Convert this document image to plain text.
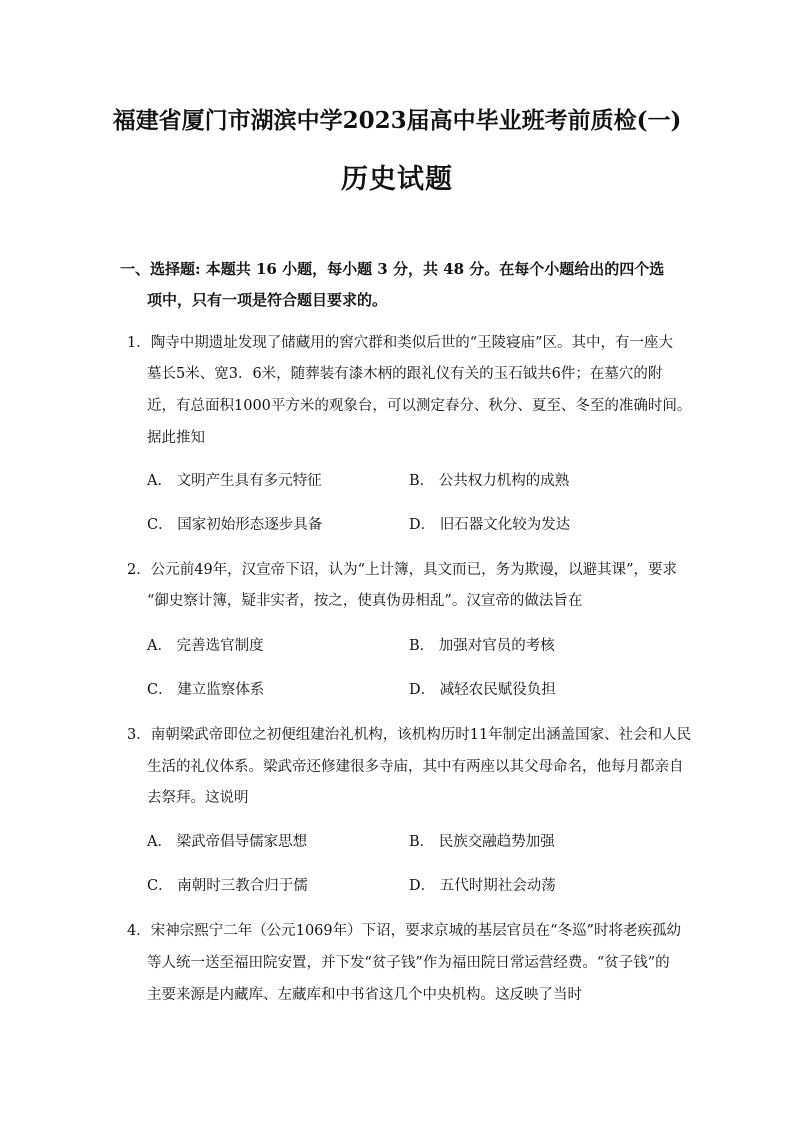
福建省厦门市湖滨中学2023届高中毕业班考前质检(一)
历史试题
一、选择题: 本题共 16 小题，每小题 3 分，共 48 分。在每个小题给出的四个选
项中，只有一项是符合题目要求的。
1．陶寺中期遗址发现了储藏用的窖穴群和类似后世的“王陵寝庙”区。其中，有一座大
墓长5米、宽3．6米，随葬装有漆木柄的跟礼仪有关的玉石钺共6件；在墓穴的附
近，有总面积1000平方米的观象台，可以测定春分、秋分、夏至、冬至的准确时间。
据此推知
A． 文明产生具有多元特征	B． 公共权力机构的成熟
C． 国家初始形态逐步具备	D． 旧石器文化较为发达
2．公元前49年，汉宣帝下诏，认为“上计簿，具文而已，务为欺谩，以避其课”，要求
“御史察计簿，疑非实者，按之，使真伪毋相乱”。汉宣帝的做法旨在
A． 完善选官制度	B． 加强对官员的考核
C． 建立监察体系	D． 减轻农民赋役负担
3．南朝梁武帝即位之初便组建治礼机构，该机构历时11年制定出涵盖国家、社会和人民
生活的礼仪体系。梁武帝还修建很多寺庙，其中有两座以其父母命名，他每月都亲自
去祭拜。这说明
A． 梁武帝倡导儒家思想	B． 民族交融趋势加强
C． 南朝时三教合归于儒	D． 五代时期社会动荡
4．宋神宗熙宁二年（公元1069年）下诏，要求京城的基层官员在“冬巡”时将老疾孤幼
等人统一送至福田院安置，并下发“贫子钱”作为福田院日常运营经费。“贫子钱”的
主要来源是内藏库、左藏库和中书省这几个中央机构。这反映了当时
